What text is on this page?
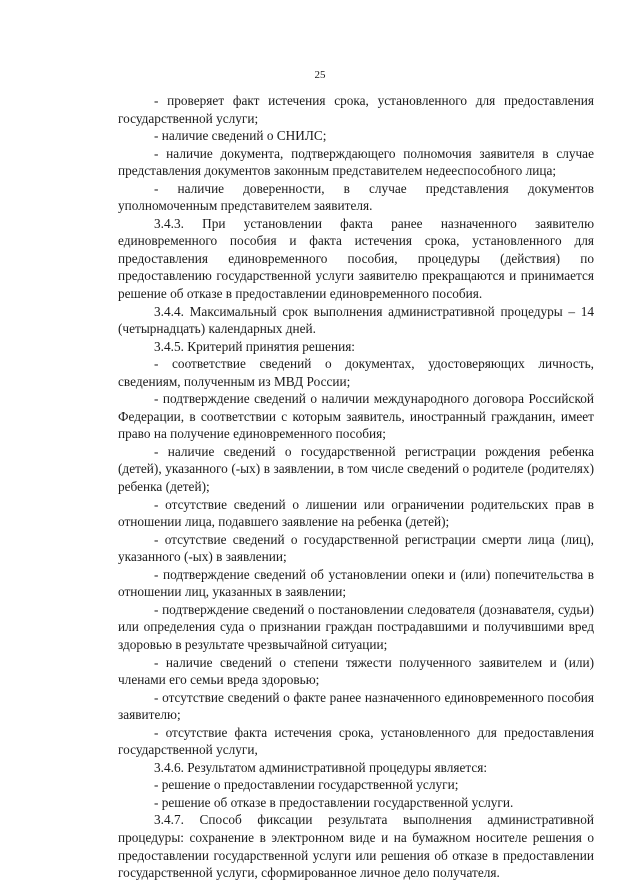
25

- проверяет факт истечения срока, установленного для предоставления государственной услуги;

- наличие сведений о СНИЛС;

- наличие документа, подтверждающего полномочия заявителя в случае представления документов законным представителем недееспособного лица;

- наличие доверенности, в случае представления документов уполномоченным представителем заявителя.

3.4.3. При установлении факта ранее назначенного заявителю единовременного пособия и факта истечения срока, установленного для предоставления единовременного пособия, процедуры (действия) по предоставлению государственной услуги заявителю прекращаются и принимается решение об отказе в предоставлении единовременного пособия.

3.4.4. Максимальный срок выполнения административной процедуры – 14 (четырнадцать) календарных дней.

3.4.5. Критерий принятия решения:

- соответствие сведений о документах, удостоверяющих личность, сведениям, полученным из МВД России;

- подтверждение сведений о наличии международного договора Российской Федерации, в соответствии с которым заявитель, иностранный гражданин, имеет право на получение единовременного пособия;

- наличие сведений о государственной регистрации рождения ребенка (детей), указанного (-ых) в заявлении, в том числе сведений о родителе (родителях) ребенка (детей);

- отсутствие сведений о лишении или ограничении родительских прав в отношении лица, подавшего заявление на ребенка (детей);

- отсутствие сведений о государственной регистрации смерти лица (лиц), указанного (-ых) в заявлении;

- подтверждение сведений об установлении опеки и (или) попечительства в отношении лиц, указанных в заявлении;

- подтверждение сведений о постановлении следователя (дознавателя, судьи) или определения суда о признании граждан пострадавшими и получившими вред здоровью в результате чрезвычайной ситуации;

- наличие сведений о степени тяжести полученного заявителем и (или) членами его семьи вреда здоровью;

- отсутствие сведений о факте ранее назначенного единовременного пособия заявителю;

- отсутствие факта истечения срока, установленного для предоставления государственной услуги,

3.4.6. Результатом административной процедуры является:

- решение о предоставлении государственной услуги;

- решение об отказе в предоставлении государственной услуги.

3.4.7. Способ фиксации результата выполнения административной процедуры: сохранение в электронном виде и на бумажном носителе решения о предоставлении государственной услуги или решения об отказе в предоставлении государственной услуги, сформированное личное дело получателя.
